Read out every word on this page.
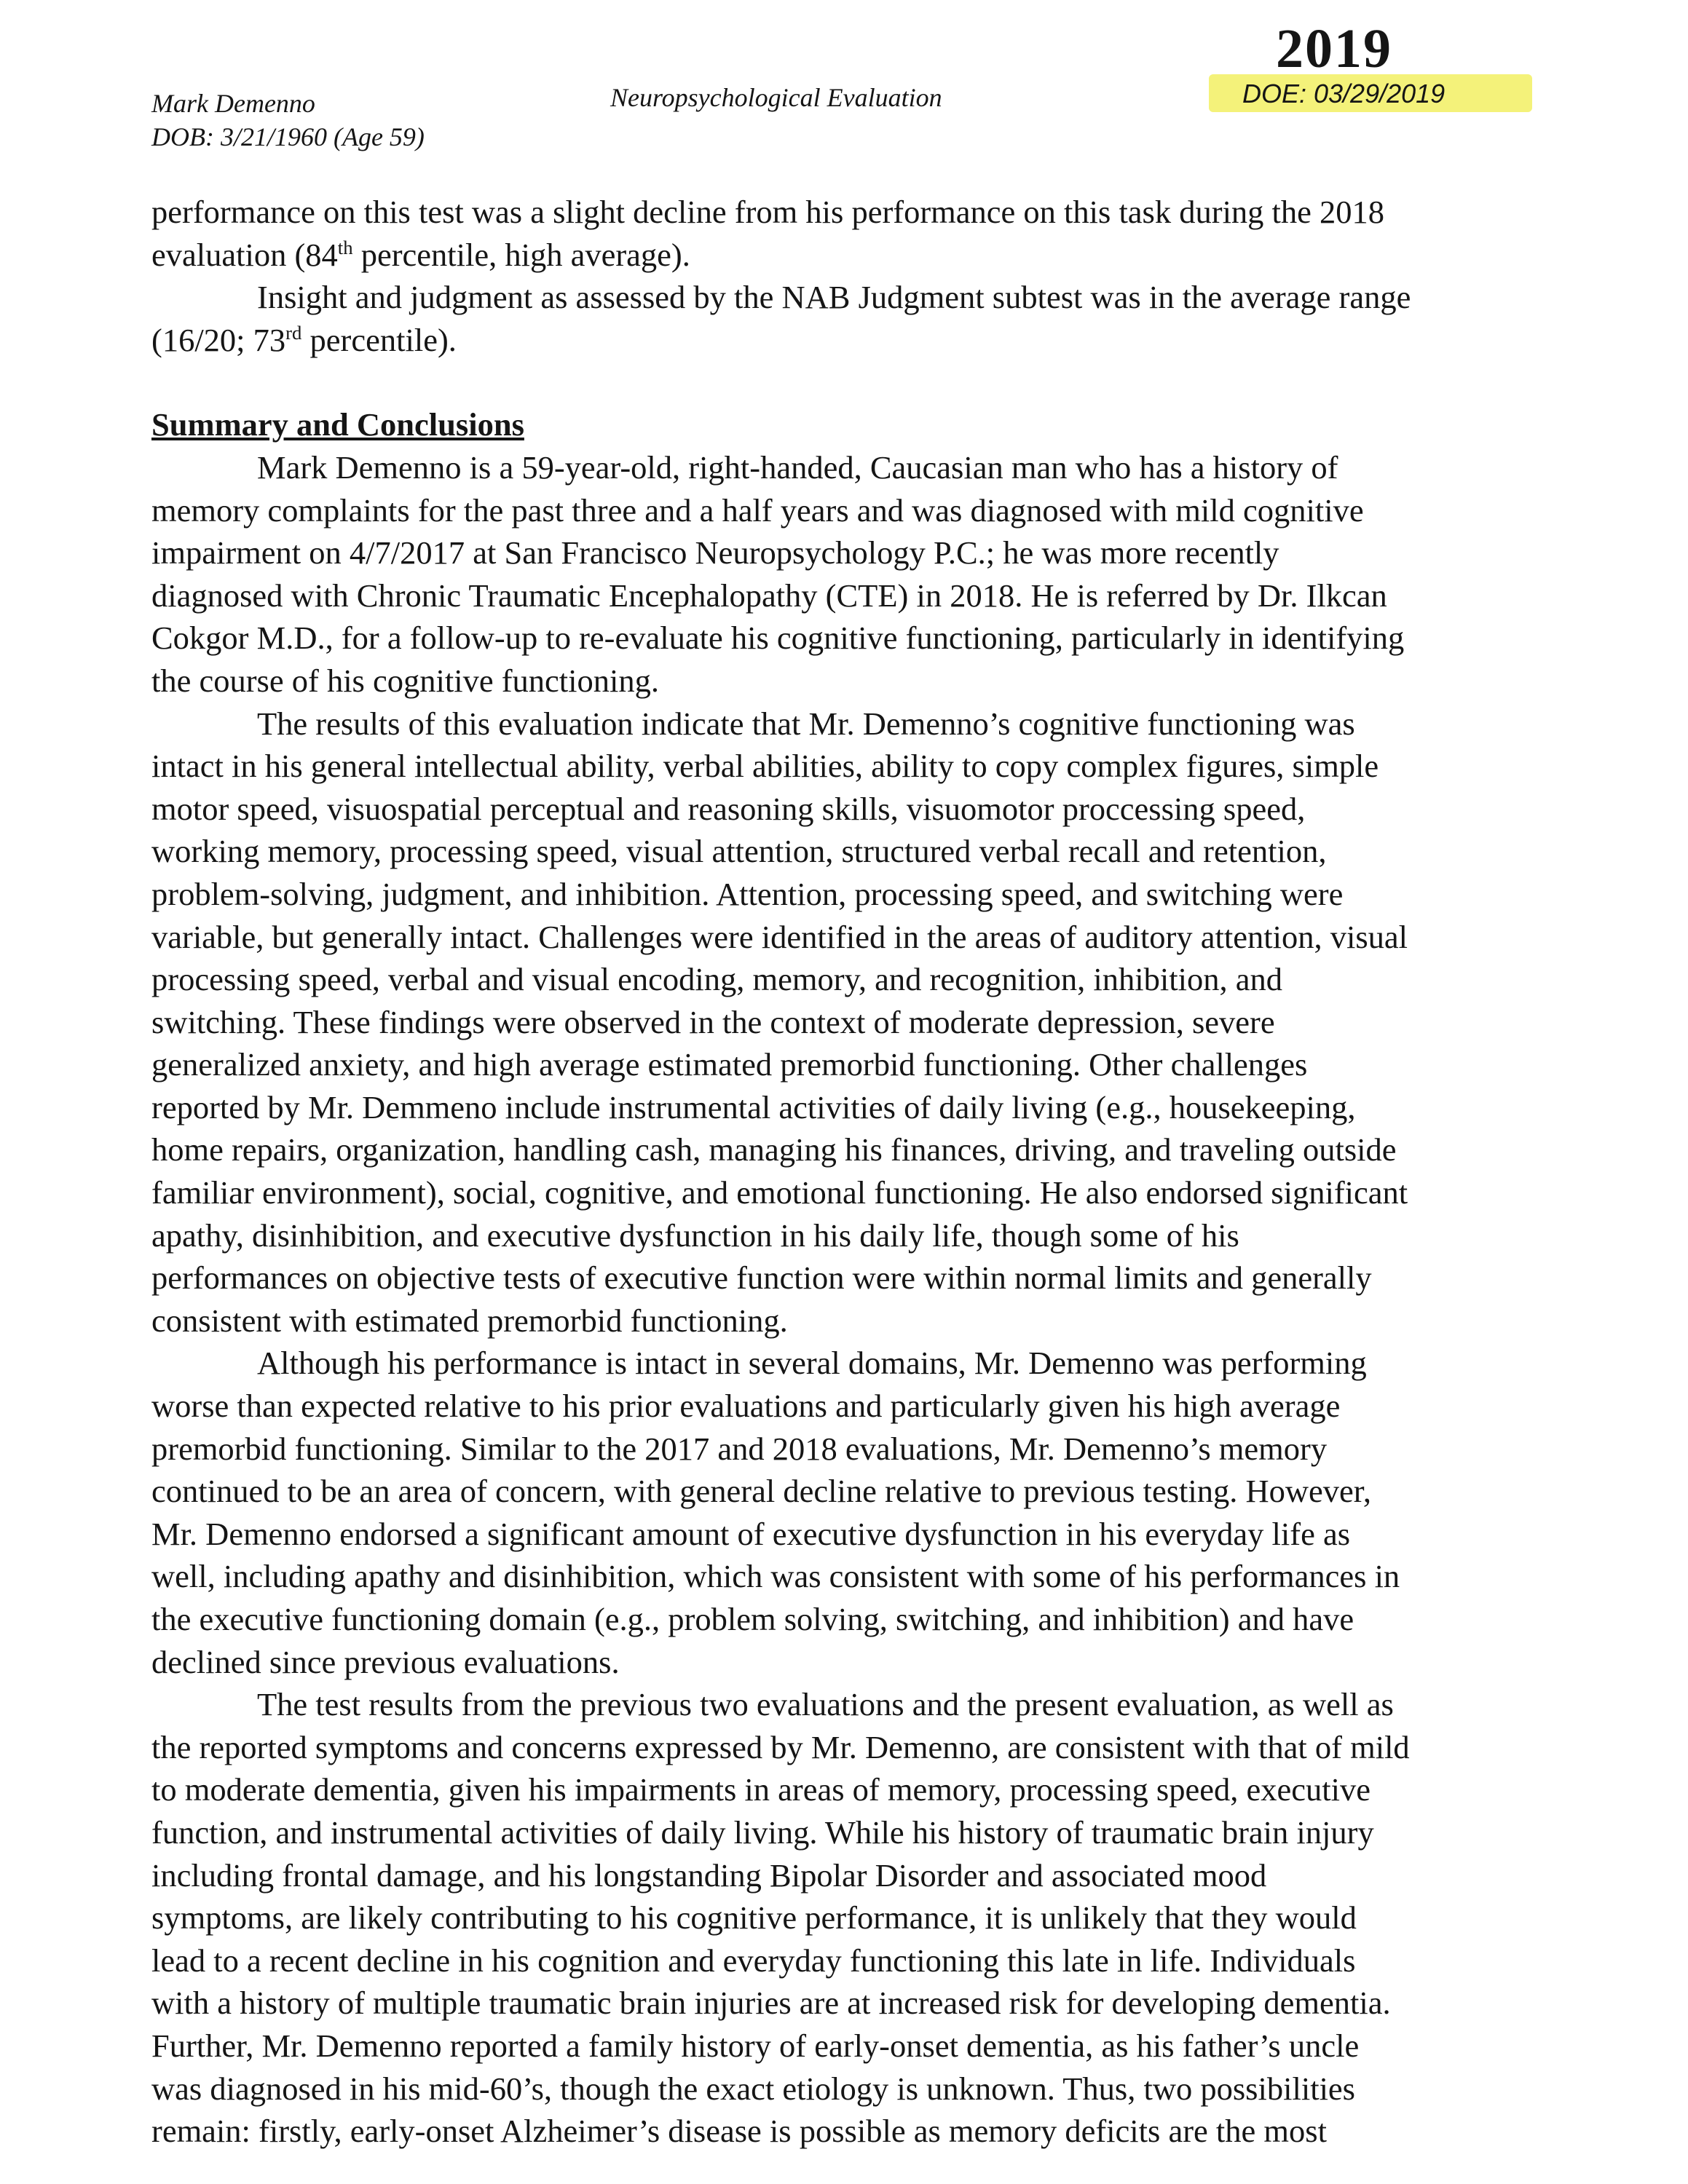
2019
DOE: 03/29/2019
Mark Demenno
DOB: 3/21/1960 (Age 59)
Neuropsychological Evaluation
performance on this test was a slight decline from his performance on this task during the 2018
evaluation (84th percentile, high average).
Insight and judgment as assessed by the NAB Judgment subtest was in the average range
(16/20; 73rd percentile).
Summary and Conclusions
Mark Demenno is a 59-year-old, right-handed, Caucasian man who has a history of
memory complaints for the past three and a half years and was diagnosed with mild cognitive
impairment on 4/7/2017 at San Francisco Neuropsychology P.C.; he was more recently
diagnosed with Chronic Traumatic Encephalopathy (CTE) in 2018. He is referred by Dr. Ilkcan
Cokgor M.D., for a follow-up to re-evaluate his cognitive functioning, particularly in identifying
the course of his cognitive functioning.
The results of this evaluation indicate that Mr. Demenno’s cognitive functioning was
intact in his general intellectual ability, verbal abilities, ability to copy complex figures, simple
motor speed, visuospatial perceptual and reasoning skills, visuomotor proccessing speed,
working memory, processing speed, visual attention, structured verbal recall and retention,
problem-solving, judgment, and inhibition. Attention, processing speed, and switching were
variable, but generally intact. Challenges were identified in the areas of auditory attention, visual
processing speed, verbal and visual encoding, memory, and recognition, inhibition, and
switching. These findings were observed in the context of moderate depression, severe
generalized anxiety, and high average estimated premorbid functioning. Other challenges
reported by Mr. Demmeno include instrumental activities of daily living (e.g., housekeeping,
home repairs, organization, handling cash, managing his finances, driving, and traveling outside
familiar environment), social, cognitive, and emotional functioning. He also endorsed significant
apathy, disinhibition, and executive dysfunction in his daily life, though some of his
performances on objective tests of executive function were within normal limits and generally
consistent with estimated premorbid functioning.
Although his performance is intact in several domains, Mr. Demenno was performing
worse than expected relative to his prior evaluations and particularly given his high average
premorbid functioning. Similar to the 2017 and 2018 evaluations, Mr. Demenno’s memory
continued to be an area of concern, with general decline relative to previous testing. However,
Mr. Demenno endorsed a significant amount of executive dysfunction in his everyday life as
well, including apathy and disinhibition, which was consistent with some of his performances in
the executive functioning domain (e.g., problem solving, switching, and inhibition) and have
declined since previous evaluations.
The test results from the previous two evaluations and the present evaluation, as well as
the reported symptoms and concerns expressed by Mr. Demenno, are consistent with that of mild
to moderate dementia, given his impairments in areas of memory, processing speed, executive
function, and instrumental activities of daily living. While his history of traumatic brain injury
including frontal damage, and his longstanding Bipolar Disorder and associated mood
symptoms, are likely contributing to his cognitive performance, it is unlikely that they would
lead to a recent decline in his cognition and everyday functioning this late in life. Individuals
with a history of multiple traumatic brain injuries are at increased risk for developing dementia.
Further, Mr. Demenno reported a family history of early-onset dementia, as his father’s uncle
was diagnosed in his mid-60’s, though the exact etiology is unknown. Thus, two possibilities
remain: firstly, early-onset Alzheimer’s disease is possible as memory deficits are the most
